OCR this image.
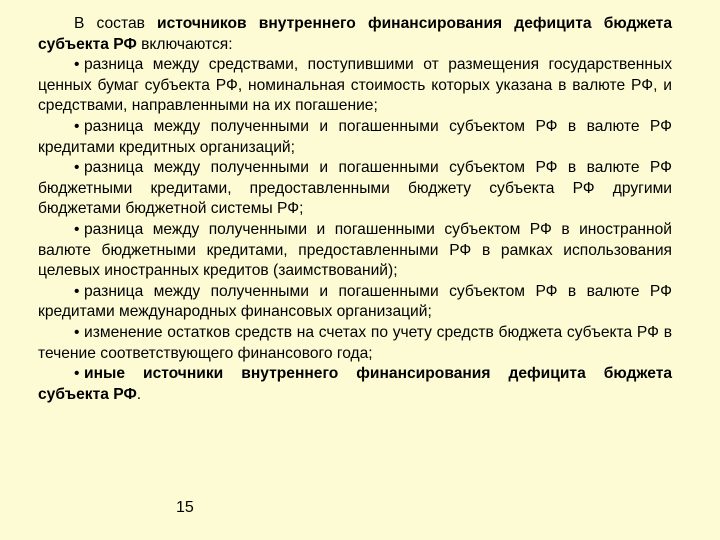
В состав источников внутреннего финансирования дефицита бюджета субъекта РФ включаются:

• разница между средствами, поступившими от размещения государственных ценных бумаг субъекта РФ, номинальная стоимость которых указана в валюте РФ, и средствами, направленными на их погашение;
• разница между полученными и погашенными субъектом РФ в валюте РФ кредитами кредитных организаций;
• разница между полученными и погашенными субъектом РФ в валюте РФ бюджетными кредитами, предоставленными бюджету субъекта РФ другими бюджетами бюджетной системы РФ;
• разница между полученными и погашенными субъектом РФ в иностранной валюте бюджетными кредитами, предоставленными РФ в рамках использования целевых иностранных кредитов (заимствований);
• разница между полученными и погашенными субъектом РФ в валюте РФ кредитами международных финансовых организаций;
• изменение остатков средств на счетах по учету средств бюджета субъекта РФ в течение соответствующего финансового года;
• иные источники внутреннего финансирования дефицита бюджета субъекта РФ.
15
